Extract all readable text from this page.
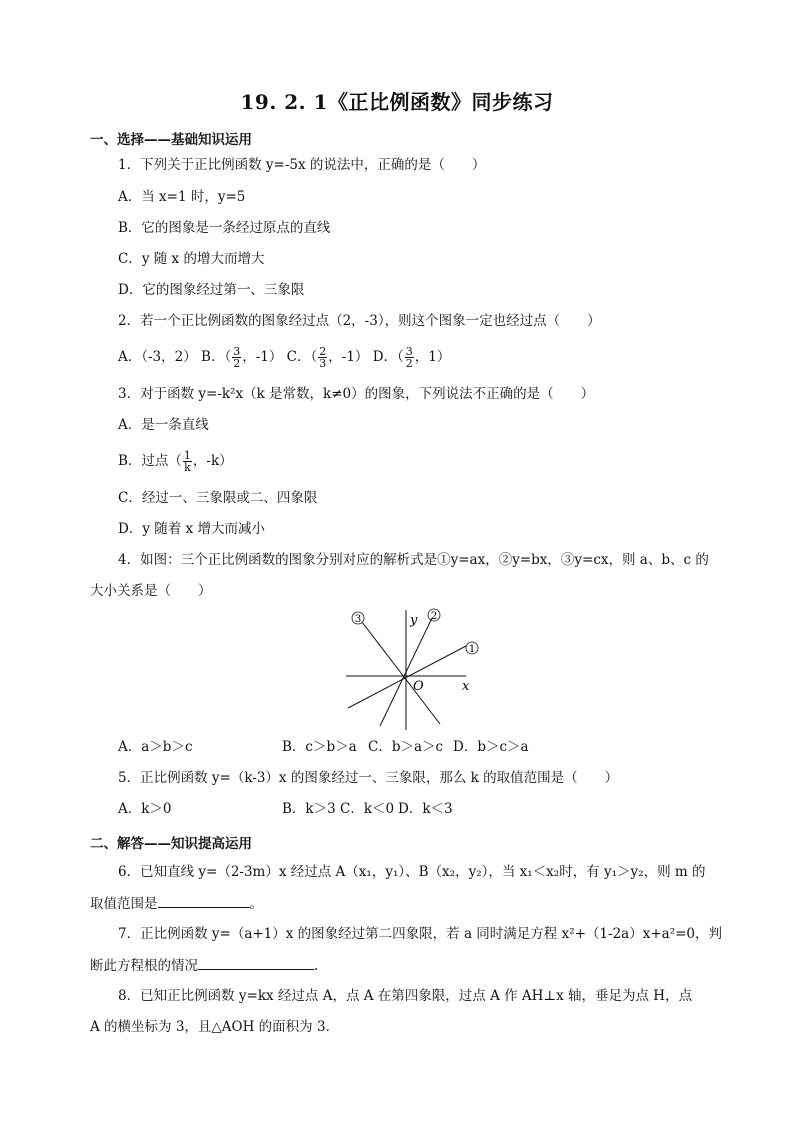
19. 2. 1《正比例函数》同步练习
一、选择——基础知识运用
1．下列关于正比例函数 y=-5x 的说法中，正确的是（　　）
A．当 x=1 时，y=5
B．它的图象是一条经过原点的直线
C．y 随 x 的增大而增大
D．它的图象经过第一、三象限
2．若一个正比例函数的图象经过点（2，-3），则这个图象一定也经过点（　　）
A．（-3，2） B．（ $\frac{3}{2}$ ，-1） C．（ $\frac{2}{3}$ ，-1） D．（ $\frac{3}{2}$ ，1）
3．对于函数 y=-k²x（k 是常数，k≠0）的图象，下列说法不正确的是（　　）
A．是一条直线
B．过点（ $\frac{1}{k}$ ，-k）
C．经过一、三象限或二、四象限
D．y 随着 x 增大而减小
4．如图：三个正比例函数的图象分别对应的解析式是①y=ax，②y=bx，③y=cx，则 a、b、c 的
大小关系是（　　）
3	2
1
y
x
O
A．a＞b＞c	B．c＞b＞a C．b＞a＞c D．b＞c＞a
5．正比例函数 y=（k-3）x 的图象经过一、三象限，那么 k 的取值范围是（　　）
A．k＞0	B．k＞3 C．k＜0 D．k＜3
二、解答——知识提高运用
6．已知直线 y=（2-3m）x 经过点 A（x₁，y₁）、B（x₂，y₂），当 x₁＜x₂时，有 y₁＞y₂，则 m 的
取值范围是	。
7．正比例函数 y=（a+1）x 的图象经过第二四象限，若 a 同时满足方程 x²+（1-2a）x+a²=0，判
断此方程根的情况	.
8．已知正比例函数 y=kx 经过点 A，点 A 在第四象限，过点 A 作 AH⊥x 轴，垂足为点 H，点
A 的横坐标为 3，且△AOH 的面积为 3．
